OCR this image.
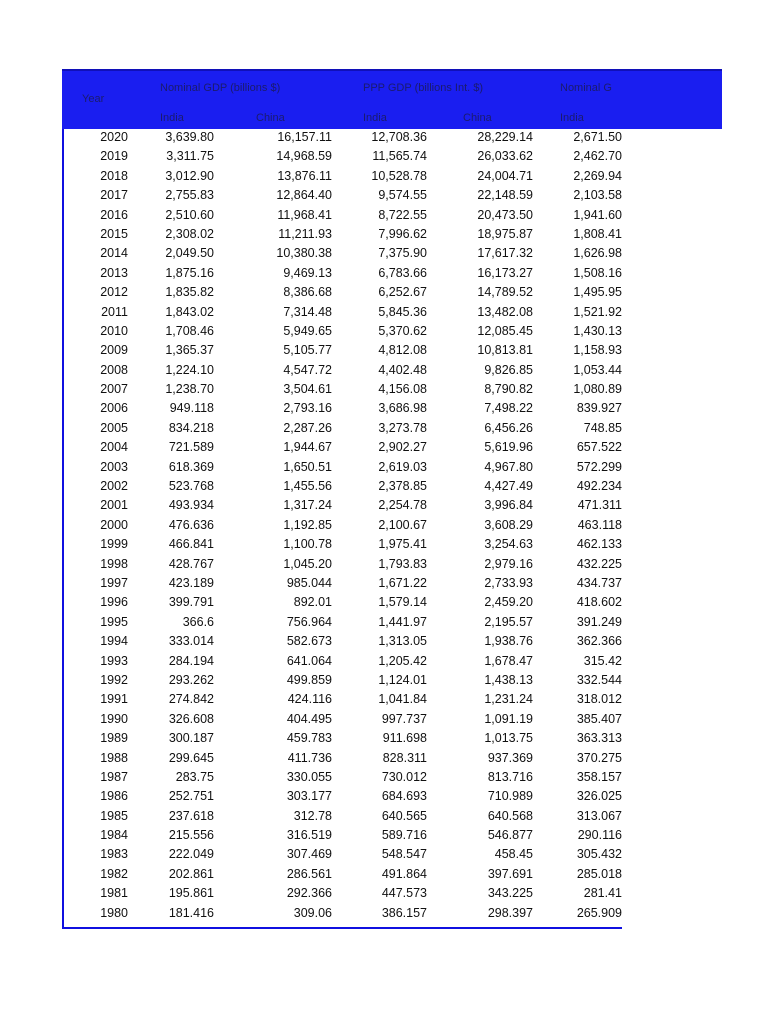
Year
Nominal GDP (billions $)	PPP GDP (billions Int. $)	Nominal G
India	China	India	China	India
2020	3,639.80	16,157.11	12,708.36	28,229.14	2,671.50
2019	3,311.75	14,968.59	11,565.74	26,033.62	2,462.70
2018	3,012.90	13,876.11	10,528.78	24,004.71	2,269.94
2017	2,755.83	12,864.40	9,574.55	22,148.59	2,103.58
2016	2,510.60	11,968.41	8,722.55	20,473.50	1,941.60
2015	2,308.02	11,211.93	7,996.62	18,975.87	1,808.41
2014	2,049.50	10,380.38	7,375.90	17,617.32	1,626.98
2013	1,875.16	9,469.13	6,783.66	16,173.27	1,508.16
2012	1,835.82	8,386.68	6,252.67	14,789.52	1,495.95
2011	1,843.02	7,314.48	5,845.36	13,482.08	1,521.92
2010	1,708.46	5,949.65	5,370.62	12,085.45	1,430.13
2009	1,365.37	5,105.77	4,812.08	10,813.81	1,158.93
2008	1,224.10	4,547.72	4,402.48	9,826.85	1,053.44
2007	1,238.70	3,504.61	4,156.08	8,790.82	1,080.89
2006	949.118	2,793.16	3,686.98	7,498.22	839.927
2005	834.218	2,287.26	3,273.78	6,456.26	748.85
2004	721.589	1,944.67	2,902.27	5,619.96	657.522
2003	618.369	1,650.51	2,619.03	4,967.80	572.299
2002	523.768	1,455.56	2,378.85	4,427.49	492.234
2001	493.934	1,317.24	2,254.78	3,996.84	471.311
2000	476.636	1,192.85	2,100.67	3,608.29	463.118
1999	466.841	1,100.78	1,975.41	3,254.63	462.133
1998	428.767	1,045.20	1,793.83	2,979.16	432.225
1997	423.189	985.044	1,671.22	2,733.93	434.737
1996	399.791	892.01	1,579.14	2,459.20	418.602
1995	366.6	756.964	1,441.97	2,195.57	391.249
1994	333.014	582.673	1,313.05	1,938.76	362.366
1993	284.194	641.064	1,205.42	1,678.47	315.42
1992	293.262	499.859	1,124.01	1,438.13	332.544
1991	274.842	424.116	1,041.84	1,231.24	318.012
1990	326.608	404.495	997.737	1,091.19	385.407
1989	300.187	459.783	911.698	1,013.75	363.313
1988	299.645	411.736	828.311	937.369	370.275
1987	283.75	330.055	730.012	813.716	358.157
1986	252.751	303.177	684.693	710.989	326.025
1985	237.618	312.78	640.565	640.568	313.067
1984	215.556	316.519	589.716	546.877	290.116
1983	222.049	307.469	548.547	458.45	305.432
1982	202.861	286.561	491.864	397.691	285.018
1981	195.861	292.366	447.573	343.225	281.41
1980	181.416	309.06	386.157	298.397	265.909
